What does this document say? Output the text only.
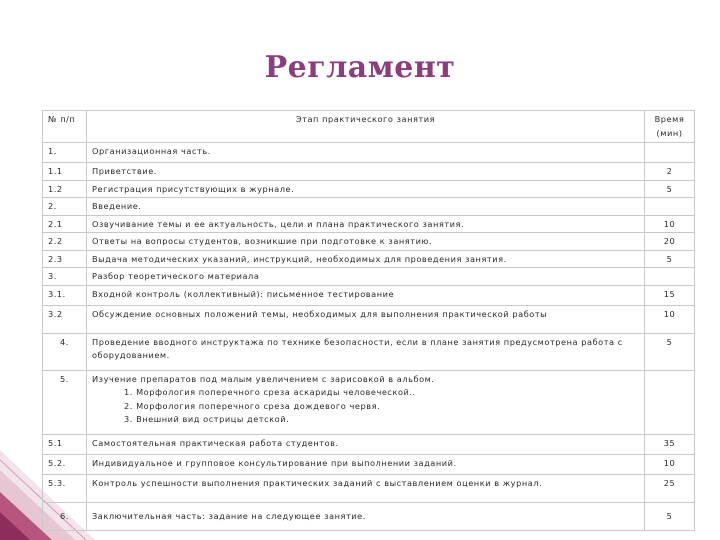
Регламент
№ п/п	Этап практического занятия	Время
(мин)
1.	Организационная часть.	
1.1	Приветствие.	2
1.2	Регистрация присутствующих в журнале.	5
2.	Введение.	
2.1	Озвучивание темы и ее актуальность, цели и плана практического занятия.	10
2.2	Ответы на вопросы студентов, возникшие при подготовке к занятию.	20
2.3	Выдача методических указаний, инструкций, необходимых для проведения занятия.	5
3.	Разбор теоретического материала	
3.1.	Входной контроль (коллективный): письменное тестирование	15
3.2	Обсуждение основных положений темы, необходимых для выполнения практической работы	10
4.	Проведение вводного инструктажа по технике безопасности, если в плане занятия предусмотрена работа с оборудованием.	5
5.	Изучение препаратов под малым увеличением с зарисовкой в альбом.
1. Морфология поперечного среза аскариды человеческой..
2. Морфология поперечного среза дождевого червя.
3. Внешний вид острицы детской.	

5.1	Самостоятельная практическая работа студентов.	35
5.2.	Индивидуальное и групповое консультирование при выполнении заданий.	10
5.3.	Контроль успешности выполнения практических заданий с выставлением оценки в журнал.	25
6.	Заключительная часть: задание на следующее занятие.	5
